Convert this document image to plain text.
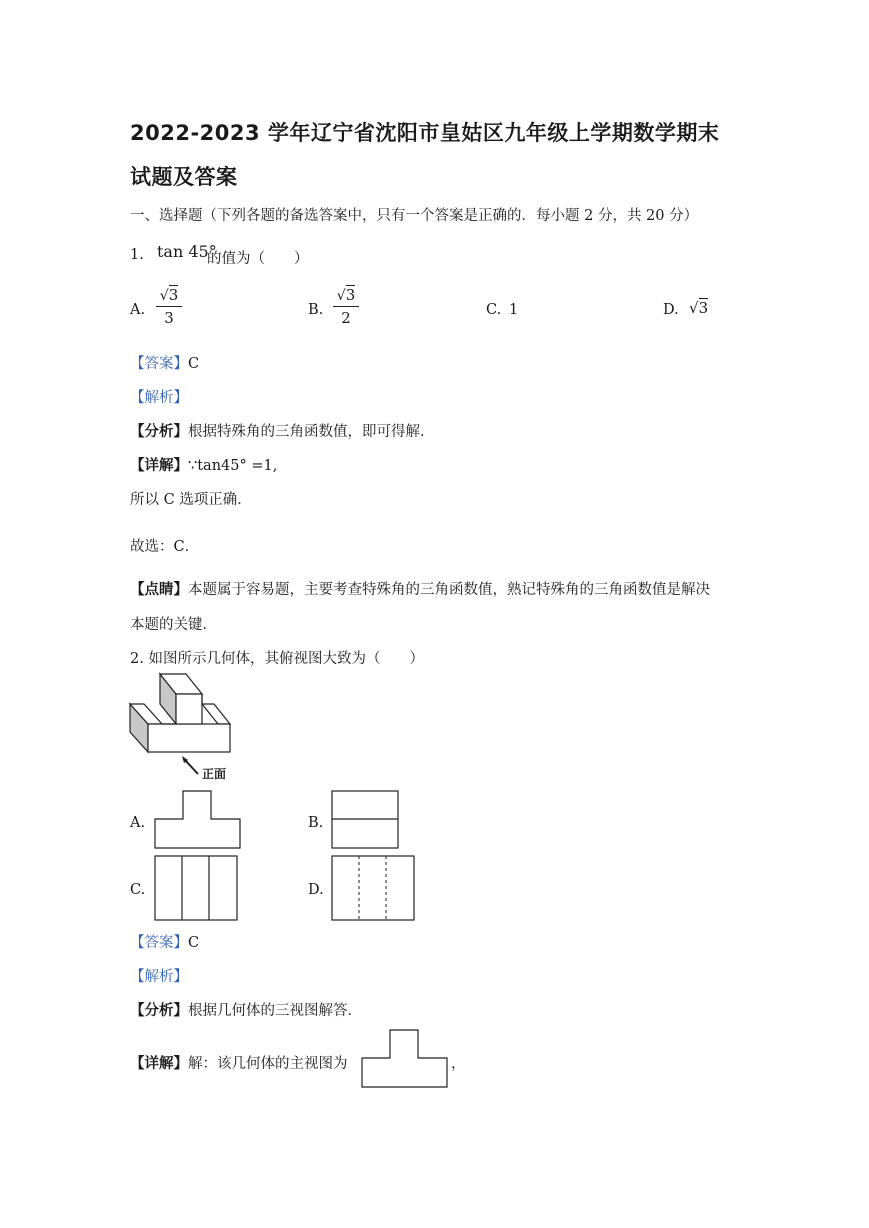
2022-2023 学年辽宁省沈阳市皇姑区九年级上学期数学期末
试题及答案
一、选择题（下列各题的备选答案中，只有一个答案是正确的．每小题 2 分，共 20 分）
1. tan 45°
的值为（　　）
A.
√3
3	B.
√3
2	C. 1	D. √3
【答案】C
【解析】
【分析】根据特殊角的三角函数值，即可得解．
【详解】∵tan45° =1,
所以 C 选项正确．
故选：C．
【点睛】本题属于容易题，主要考查特殊角的三角函数值，熟记特殊角的三角函数值是解决
本题的关键．
2. 如图所示几何体，其俯视图大致为（　　）
正面
A.	B.
C.	D.
【答案】C
【解析】
【分析】根据几何体的三视图解答．
【详解】解：该几何体的主视图为	，
